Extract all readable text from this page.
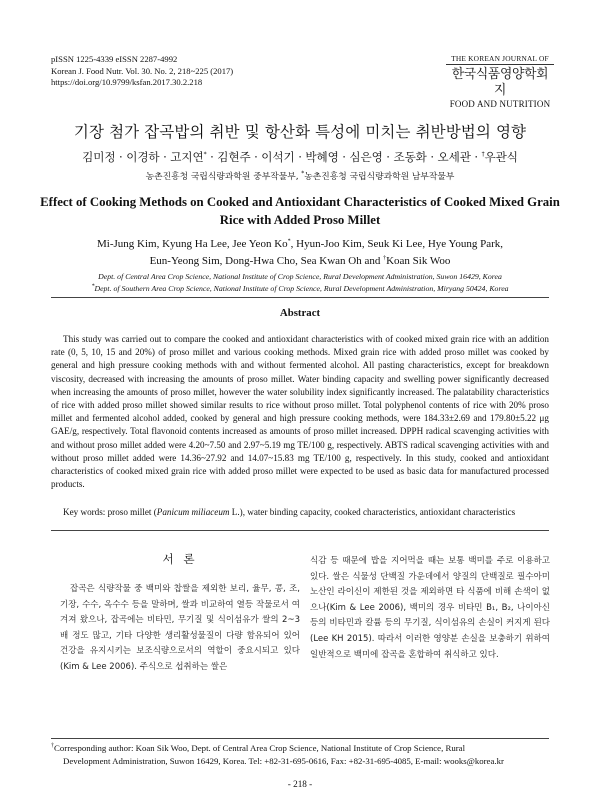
pISSN 1225-4339 eISSN 2287-4992
Korean J. Food Nutr. Vol. 30. No. 2, 218~225 (2017)
https://doi.org/10.9799/ksfan.2017.30.2.218
THE KOREAN JOURNAL OF
한국식품영양학회지
FOOD AND NUTRITION
기장 첨가 잡곡밥의 취반 및 항산화 특성에 미치는 취반방법의 영향
김미정 · 이경하 · 고지연* · 김현주 · 이석기 · 박혜영 · 심은영 · 조동화 · 오세관 · †우관식
농촌진흥청 국립식량과학원 중부작물부, *농촌진흥청 국립식량과학원 남부작물부
Effect of Cooking Methods on Cooked and Antioxidant Characteristics of Cooked Mixed Grain Rice with Added Proso Millet
Mi-Jung Kim, Kyung Ha Lee, Jee Yeon Ko*, Hyun-Joo Kim, Seuk Ki Lee, Hye Young Park,
Eun-Yeong Sim, Dong-Hwa Cho, Sea Kwan Oh and †Koan Sik Woo
Dept. of Central Area Crop Science, National Institute of Crop Science, Rural Development Administration, Suwon 16429, Korea
*Dept. of Southern Area Crop Science, National Institute of Crop Science, Rural Development Administration, Miryang 50424, Korea
Abstract
This study was carried out to compare the cooked and antioxidant characteristics with of cooked mixed grain rice with an addition rate (0, 5, 10, 15 and 20%) of proso millet and various cooking methods. Mixed grain rice with added proso millet was cooked by general and high pressure cooking methods with and without fermented alcohol. All pasting characteristics, except for breakdown viscosity, decreased with increasing the amounts of proso millet. Water binding capacity and swelling power significantly decreased when increasing the amounts of proso millet, however the water solubility index significantly increased. The palatability characteristics of rice with added proso millet showed similar results to rice without proso millet. Total polyphenol contents of rice with 20% proso millet and fermented alcohol added, cooked by general and high pressure cooking methods, were 184.33±2.69 and 179.80±5.22 μg GAE/g, respectively. Total flavonoid contents increased as amounts of proso millet increased. DPPH radical scavenging activities with and without proso millet added were 4.20~7.50 and 2.97~5.19 mg TE/100 g, respectively. ABTS radical scavenging activities with and without proso millet added were 14.36~27.92 and 14.07~15.83 mg TE/100 g, respectively. In this study, cooked and antioxidant characteristics of cooked mixed grain rice with added proso millet were expected to be used as basic data for manufactured processed products.
Key words: proso millet (Panicum miliaceum L.), water binding capacity, cooked characteristics, antioxidant characteristics
서 론
잡곡은 식량작물 중 백미와 찹쌀을 제외한 보리, 율무, 콩, 조, 기장, 수수, 옥수수 등을 말하며, 쌀과 비교하여 열등 작물로서 여겨져 왔으나, 잡곡에는 비타민, 무기질 및 식이섬유가 쌀의 2~3배 정도 많고, 기타 다양한 생리활성물질이 다량 함유되어 있어 건강을 유지시키는 보조식량으로서의 역할이 중요시되고 있다(Kim & Lee 2006). 주식으로 섭취하는 쌀은
식감 등 때문에 밥을 지어먹을 때는 보통 백미를 주로 이용하고 있다. 쌀은 식물성 단백질 가운데에서 양질의 단백질로 필수아미노산인 라이신이 제한된 것을 제외하면 타 식품에 비해 손색이 없으나(Kim & Lee 2006), 백미의 경우 비타민 B₁, B₂, 나이아신 등의 비타민과 칼륨 등의 무기질, 식이섬유의 손실이 커지게 된다(Lee KH 2015). 따라서 이러한 영양분 손실을 보충하기 위하여 일반적으로 백미에 잡곡을 혼합하여 취식하고 있다.
†Corresponding author: Koan Sik Woo, Dept. of Central Area Crop Science, National Institute of Crop Science, Rural
Development Administration, Suwon 16429, Korea. Tel: +82-31-695-0616, Fax: +82-31-695-4085, E-mail: wooks@korea.kr
- 218 -
